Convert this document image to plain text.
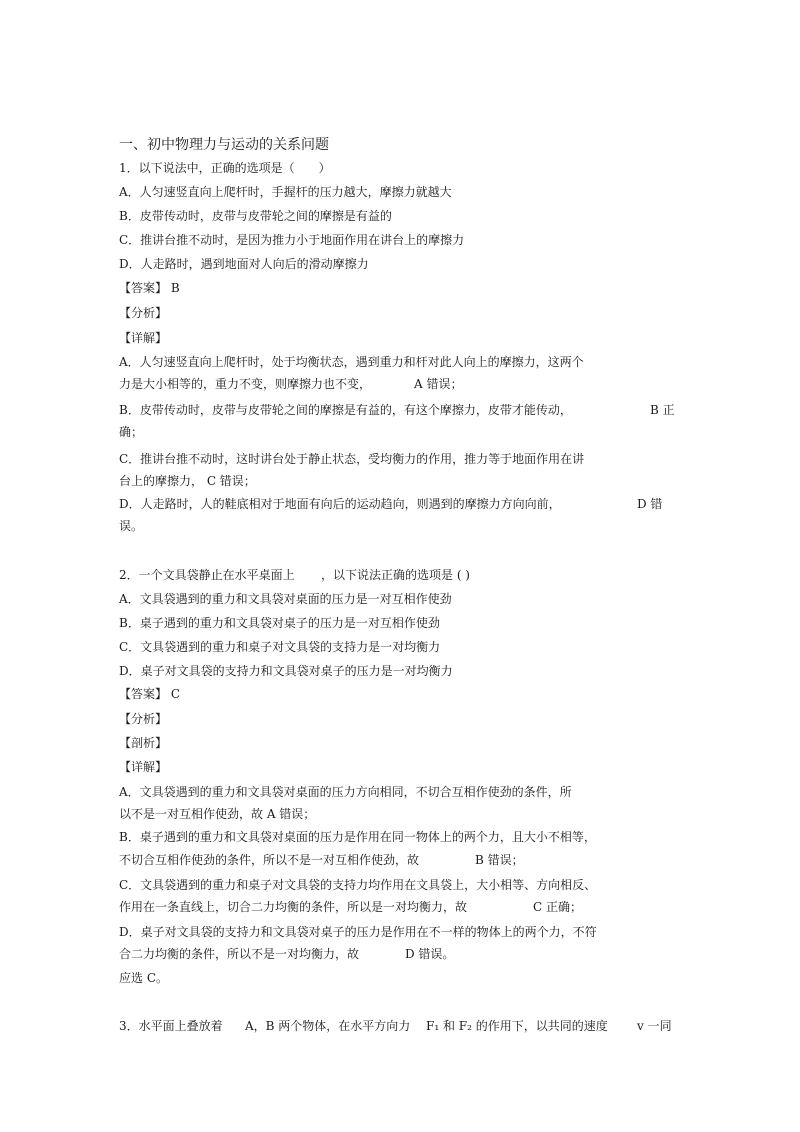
一、初中物理力与运动的关系问题
1．以下说法中，正确的选项是（　　）
A．人匀速竖直向上爬杆时，手握杆的压力越大，摩擦力就越大
B．皮带传动时，皮带与皮带轮之间的摩擦是有益的
C．推讲台推不动时，是因为推力小于地面作用在讲台上的摩擦力
D．人走路时，遇到地面对人向后的滑动摩擦力
【答案】 B
【分析】
【详解】
A．人匀速竖直向上爬杆时，处于均衡状态，遇到重力和杆对此人向上的摩擦力，这两个
力是大小相等的，重力不变，则摩擦力也不变，	A 错误；
B．皮带传动时，皮带与皮带轮之间的摩擦是有益的，有这个摩擦力，皮带才能传动，	B 正
确；
C．推讲台推不动时，这时讲台处于静止状态，受均衡力的作用，推力等于地面作用在讲
台上的摩擦力， C 错误；
D．人走路时，人的鞋底相对于地面有向后的运动趋向，则遇到的摩擦力方向向前，	D 错
误。
2．一个文具袋静止在水平桌面上 ，以下说法正确的选项是 ( )
A．文具袋遇到的重力和文具袋对桌面的压力是一对互相作使劲
B．桌子遇到的重力和文具袋对桌子的压力是一对互相作使劲
C．文具袋遇到的重力和桌子对文具袋的支持力是一对均衡力
D．桌子对文具袋的支持力和文具袋对桌子的压力是一对均衡力
【答案】 C
【分析】
【剖析】
【详解】
A．文具袋遇到的重力和文具袋对桌面的压力方向相同，不切合互相作使劲的条件，所
以不是一对互相作使劲，故 A 错误；
B．桌子遇到的重力和文具袋对桌面的压力是作用在同一物体上的两个力，且大小不相等，
不切合互相作使劲的条件，所以不是一对互相作使劲，故	B 错误；
C．文具袋遇到的重力和桌子对文具袋的支持力均作用在文具袋上，大小相等、方向相反、
作用在一条直线上，切合二力均衡的条件，所以是一对均衡力，故	C 正确；
D．桌子对文具袋的支持力和文具袋对桌子的压力是作用在不一样的物体上的两个力，不符
合二力均衡的条件，所以不是一对均衡力，故	D 错误。
应选 C。
3．水平面上叠放着 A，B 两个物体，在水平方向力 F₁ 和 F₂ 的作用下，以共同的速度 v 一同
